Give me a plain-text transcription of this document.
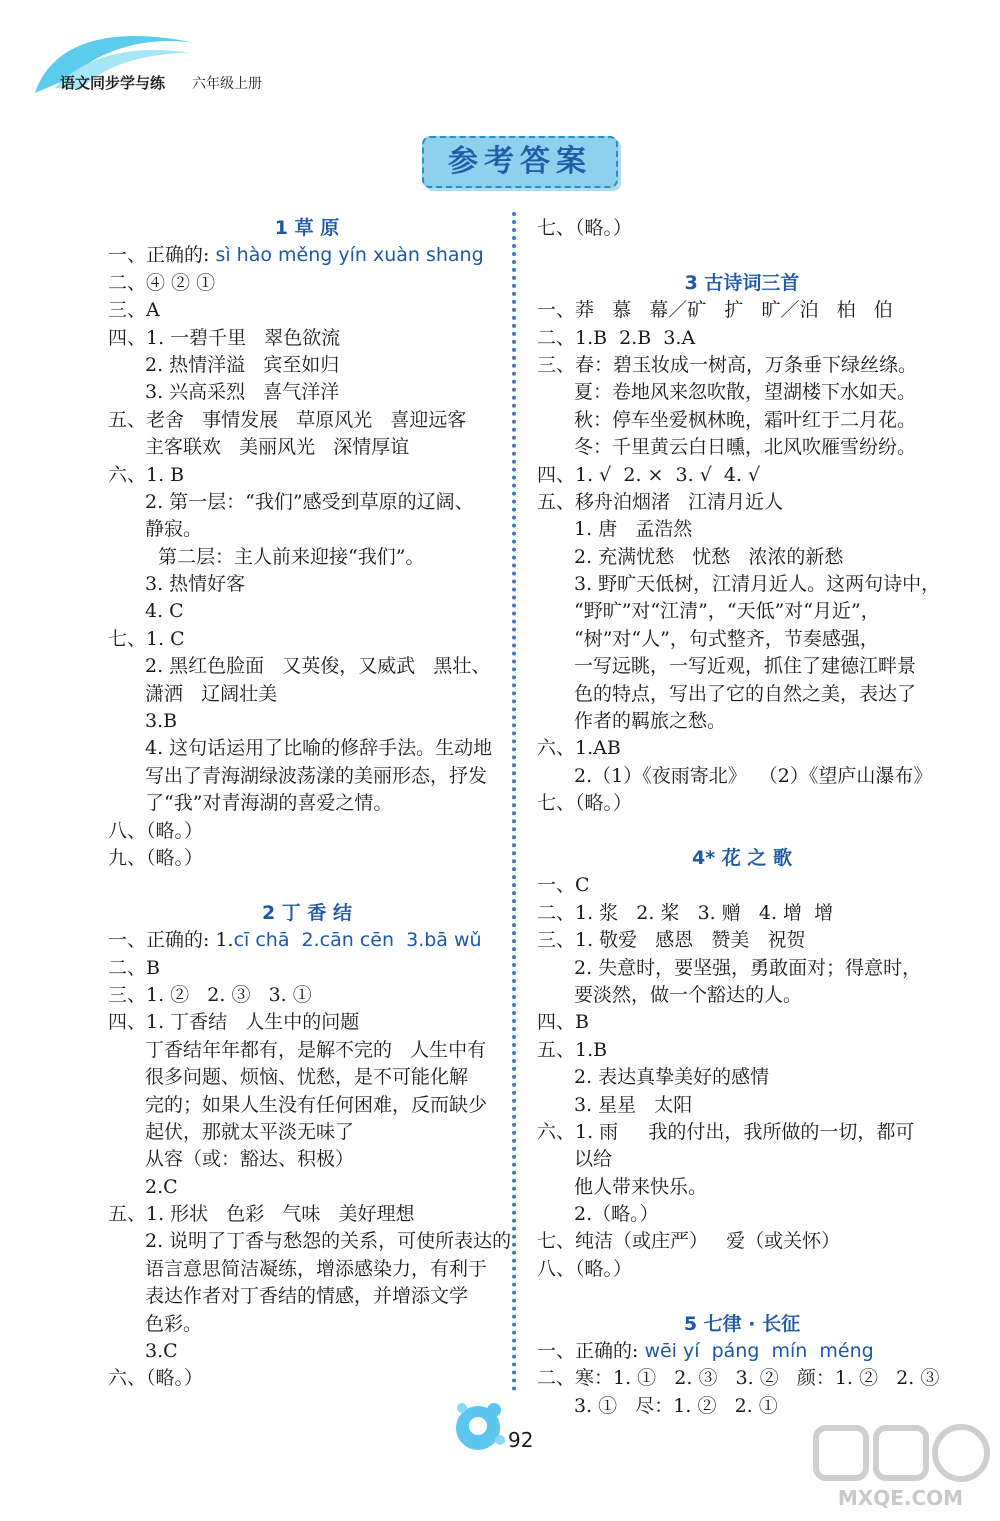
语文同步学与练 六年级上册
参考答案
1 草 原
一、正确的: sì hào měng yín xuàn shang
二、④ ② ①
三、A
四、1. 一碧千里   翠色欲流
2. 热情洋溢   宾至如归
3. 兴高采烈   喜气洋洋
五、老舍   事情发展   草原风光   喜迎远客
主客联欢   美丽风光   深情厚谊
六、1. B
2. 第一层：“我们”感受到草原的辽阔、
静寂。
第二层：主人前来迎接“我们”。
3. 热情好客
4. C
七、1. C
2. 黑红色脸面   又英俊，又威武   黑壮、
潇洒   辽阔壮美
3.B
4. 这句话运用了比喻的修辞手法。生动地
写出了青海湖绿波荡漾的美丽形态，抒发
了“我”对青海湖的喜爱之情。
八、（略。）
九、（略。）
2 丁 香 结
一、正确的: 1.cī chā  2.cān cēn  3.bā wǔ
二、B
三、1. ②   2. ③   3. ①
四、1. 丁香结   人生中的问题
丁香结年年都有，是解不完的   人生中有
很多问题、烦恼、忧愁，是不可能化解
完的；如果人生没有任何困难，反而缺少
起伏，那就太平淡无味了
从容（或：豁达、积极）
2.C
五、1. 形状   色彩   气味   美好理想
2. 说明了丁香与愁怨的关系，可使所表达的
语言意思简洁凝练，增添感染力，有利于
表达作者对丁香结的情感，并增添文学
色彩。
3.C
六、（略。）
七、（略。）
3 古诗词三首
一、莽   慕   幕／矿   扩   旷／泊   柏   伯
二、1.B  2.B  3.A
三、春：碧玉妆成一树高，万条垂下绿丝绦。
夏：卷地风来忽吹散，望湖楼下水如天。
秋：停车坐爱枫林晚，霜叶红于二月花。
冬：千里黄云白日曛，北风吹雁雪纷纷。
四、1. √  2. ×  3. √  4. √
五、移舟泊烟渚   江清月近人
1. 唐   孟浩然
2. 充满忧愁   忧愁   浓浓的新愁
3. 野旷天低树，江清月近人。这两句诗中，
“野旷”对“江清”，“天低”对“月近”，
“树”对“人”，句式整齐，节奏感强，
一写远眺，一写近观，抓住了建德江畔景
色的特点，写出了它的自然之美，表达了
作者的羁旅之愁。
六、1.AB
2.（1）《夜雨寄北》  （2）《望庐山瀑布》
七、（略。）
4* 花 之 歌
一、C
二、1. 浆   2. 桨   3. 赠   4. 增  增
三、1. 敬爱   感恩   赞美   祝贺
2. 失意时，要坚强，勇敢面对；得意时，
要淡然，做一个豁达的人。
四、B
五、1.B
2. 表达真挚美好的感情
3. 星星   太阳
六、1. 雨     我的付出，我所做的一切，都可
以给
他人带来快乐。
2.（略。）
七、纯洁（或庄严）   爱（或关怀）
八、（略。）
5 七律 · 长征
一、正确的: wēi yí  páng  mín  méng
二、寒：1. ①   2. ③   3. ②   颜：1. ②   2. ③
3. ①   尽：1. ②   2. ①
92
MXQE.COM
